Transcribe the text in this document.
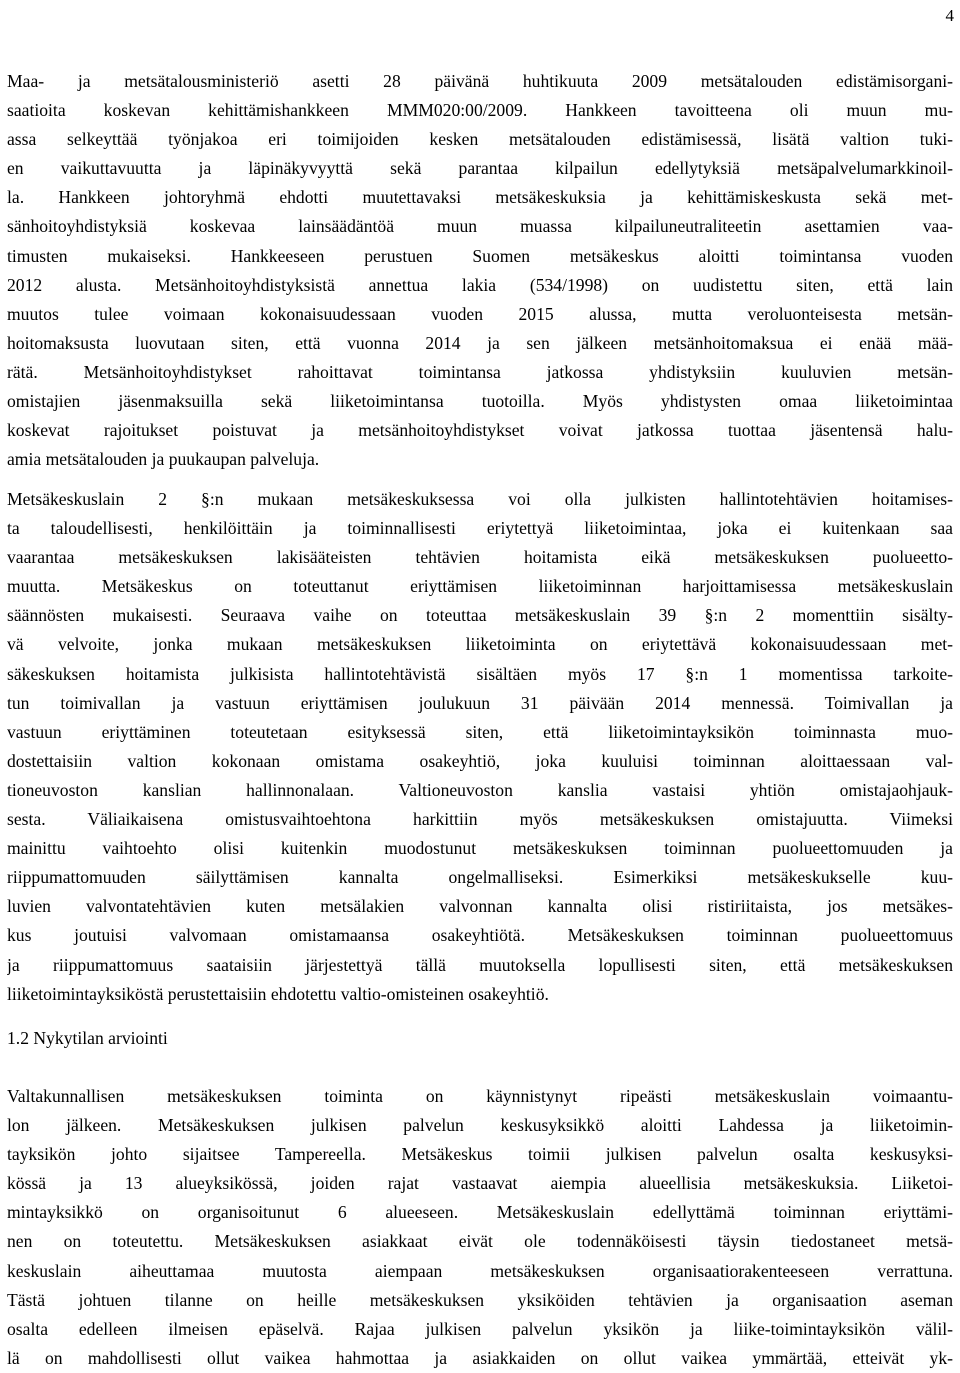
4
Maa- ja metsätalousministeriö asetti 28 päivänä huhtikuuta 2009 metsätalouden edistämisorgani-
saatioita koskevan kehittämishankkeen MMM020:00/2009. Hankkeen tavoitteena oli muun mu-
assa selkeyttää työnjakoa eri toimijoiden kesken metsätalouden edistämisessä, lisätä valtion tuki-
en vaikuttavuutta ja läpinäkyvyyttä sekä parantaa kilpailun edellytyksiä metsäpalvelumarkkinoil-
la. Hankkeen johtoryhmä ehdotti muutettavaksi metsäkeskuksia ja kehittämiskeskusta sekä met-
sänhoitoyhdistyksiä koskevaa lainsäädäntöä muun muassa kilpailuneutraliteetin asettamien vaa-
timusten mukaiseksi. Hankkeeseen perustuen Suomen metsäkeskus aloitti toimintansa vuoden
2012 alusta. Metsänhoitoyhdistyksistä annettua lakia (534/1998) on uudistettu siten, että lain
muutos tulee voimaan kokonaisuudessaan vuoden 2015 alussa, mutta veroluonteisesta metsän-
hoitomaksusta luovutaan siten, että vuonna 2014 ja sen jälkeen metsänhoitomaksua ei enää mää-
rätä. Metsänhoitoyhdistykset rahoittavat toimintansa jatkossa yhdistyksiin kuuluvien metsän-
omistajien jäsenmaksuilla sekä liiketoimintansa tuotoilla. Myös yhdistysten omaa liiketoimintaa
koskevat rajoitukset poistuvat ja metsänhoitoyhdistykset voivat jatkossa tuottaa jäsentensä halu-
amia metsätalouden ja puukaupan palveluja.
Metsäkeskuslain 2 §:n mukaan metsäkeskuksessa voi olla julkisten hallintotehtävien hoitamises-
ta taloudellisesti, henkilöittäin ja toiminnallisesti eriytettyä liiketoimintaa, joka ei kuitenkaan saa
vaarantaa metsäkeskuksen lakisääteisten tehtävien hoitamista eikä metsäkeskuksen puolueetto-
muutta. Metsäkeskus on toteuttanut eriyttämisen liiketoiminnan harjoittamisessa metsäkeskuslain
säännösten mukaisesti. Seuraava vaihe on toteuttaa metsäkeskuslain 39 §:n 2 momenttiin sisälty-
vä velvoite, jonka mukaan metsäkeskuksen liiketoiminta on eriytettävä kokonaisuudessaan met-
säkeskuksen hoitamista julkisista hallintotehtävistä sisältäen myös 17 §:n 1 momentissa tarkoite-
tun toimivallan ja vastuun eriyttämisen joulukuun 31 päivään 2014 mennessä. Toimivallan ja
vastuun eriyttäminen toteutetaan esityksessä siten, että liiketoimintayksikön toiminnasta muo-
dostettaisiin valtion kokonaan omistama osakeyhtiö, joka kuuluisi toiminnan aloittaessaan val-
tioneuvoston kanslian hallinnonalaan. Valtioneuvoston kanslia vastaisi yhtiön omistajaohjauk-
sesta. Väliaikaisena omistusvaihtoehtona harkittiin myös metsäkeskuksen omistajuutta. Viimeksi
mainittu vaihtoehto olisi kuitenkin muodostunut metsäkeskuksen toiminnan puolueettomuuden ja
riippumattomuuden säilyttämisen kannalta ongelmalliseksi. Esimerkiksi metsäkeskukselle kuu-
luvien valvontatehtävien kuten metsälakien valvonnan kannalta olisi ristiriitaista, jos metsäkes-
kus joutuisi valvomaan omistamaansa osakeyhtiötä. Metsäkeskuksen toiminnan puolueettomuus
ja riippumattomuus saataisiin järjestettyä tällä muutoksella lopullisesti siten, että metsäkeskuksen
liiketoimintayksiköstä perustettaisiin ehdotettu valtio-omisteinen osakeyhtiö.
1.2 Nykytilan arviointi
Valtakunnallisen metsäkeskuksen toiminta on käynnistynyt ripeästi metsäkeskuslain voimaantu-
lon jälkeen. Metsäkeskuksen julkisen palvelun keskusyksikkö aloitti Lahdessa ja liiketoimin-
tayksikön johto sijaitsee Tampereella. Metsäkeskus toimii julkisen palvelun osalta keskusyksi-
kössä ja 13 alueyksikössä, joiden rajat vastaavat aiempia alueellisia metsäkeskuksia. Liiketoi-
mintayksikkö on organisoitunut 6 alueeseen. Metsäkeskuslain edellyttämä toiminnan eriyttämi-
nen on toteutettu. Metsäkeskuksen asiakkaat eivät ole todennäköisesti täysin tiedostaneet metsä-
keskuslain aiheuttamaa muutosta aiempaan metsäkeskuksen organisaatiorakenteeseen verrattuna.
Tästä johtuen tilanne on heille metsäkeskuksen yksiköiden tehtävien ja organisaation aseman
osalta edelleen ilmeisen epäselvä. Rajaa julkisen palvelun yksikön ja liike-toimintayksikön välil-
lä on mahdollisesti ollut vaikea hahmottaa ja asiakkaiden on ollut vaikea ymmärtää, etteivät yk-
